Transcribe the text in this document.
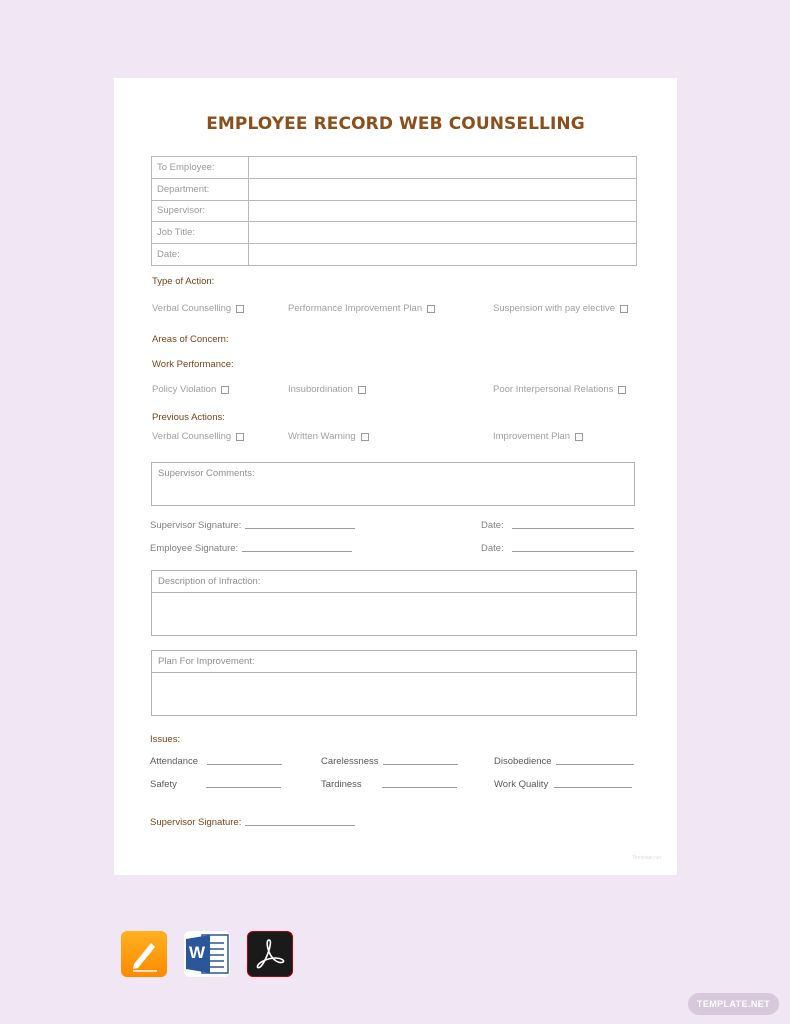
EMPLOYEE RECORD WEB COUNSELLING
To Employee:	
Department:	
Supervisor:	
Job Title:	
Date:	
Type of Action:
Verbal Counselling	Performance Improvement Plan	Suspension with pay elective
Areas of Concern:
Work Performance:
Policy Violation	Insubordination	Poor Interpersonal Relations
Previous Actions:
Verbal Counselling	Written Warning	Improvement Plan
Supervisor Comments:
Supervisor Signature:	Date:
Employee Signature:	Date:
Description of Infraction:
Plan For Improvement:
Issues:
Attendance	Carelessness	Disobedience
Safety	Tardiness	Work Quality
Supervisor Signature:
Template.net
W
TEMPLATE.NET
